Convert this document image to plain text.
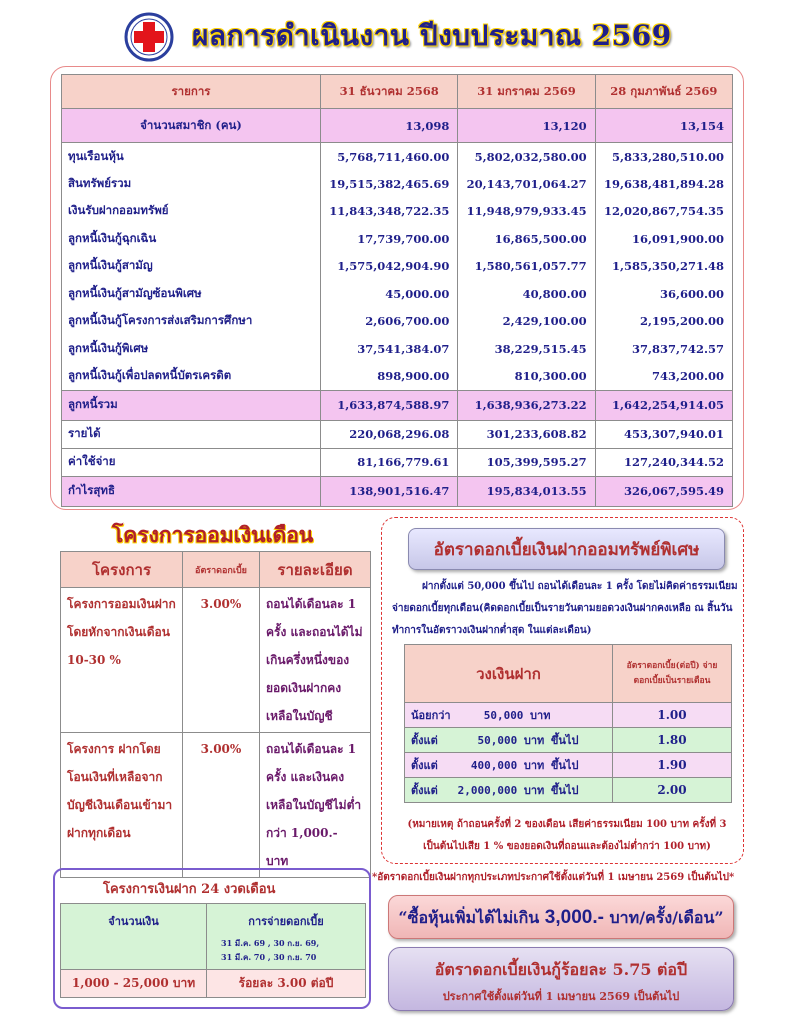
ผลการดำเนินงาน ปีงบประมาณ 2569
รายการ	31 ธันวาคม 2568	31 มกราคม 2569	28 กุมภาพันธ์ 2569
จำนวนสมาชิก (คน)	13,098	13,120	13,154
ทุนเรือนหุ้น	5,768,711,460.00	5,802,032,580.00	5,833,280,510.00
สินทรัพย์รวม	19,515,382,465.69	20,143,701,064.27	19,638,481,894.28
เงินรับฝากออมทรัพย์	11,843,348,722.35	11,948,979,933.45	12,020,867,754.35
ลูกหนี้เงินกู้ฉุกเฉิน	17,739,700.00	16,865,500.00	16,091,900.00
ลูกหนี้เงินกู้สามัญ	1,575,042,904.90	1,580,561,057.77	1,585,350,271.48
ลูกหนี้เงินกู้สามัญซ้อนพิเศษ	45,000.00	40,800.00	36,600.00
ลูกหนี้เงินกู้โครงการส่งเสริมการศึกษา	2,606,700.00	2,429,100.00	2,195,200.00
ลูกหนี้เงินกู้พิเศษ	37,541,384.07	38,229,515.45	37,837,742.57
ลูกหนี้เงินกู้เพื่อปลดหนี้บัตรเครดิต	898,900.00	810,300.00	743,200.00
ลูกหนี้รวม	1,633,874,588.97	1,638,936,273.22	1,642,254,914.05
รายได้	220,068,296.08	301,233,608.82	453,307,940.01
ค่าใช้จ่าย	81,166,779.61	105,399,595.27	127,240,344.52
กำไรสุทธิ	138,901,516.47	195,834,013.55	326,067,595.49
โครงการออมเงินเดือน
โครงการ	อัตราดอกเบี้ย	รายละเอียด
โครงการออมเงินฝากโดยหักจากเงินเดือน 10-30 %	3.00%	ถอนได้เดือนละ 1 ครั้ง และถอนได้ไม่เกินครึ่งหนึ่งของยอดเงินฝากคงเหลือในบัญชี
โครงการ ฝากโดยโอนเงินที่เหลือจากบัญชีเงินเดือนเข้ามาฝากทุกเดือน	3.00%	ถอนได้เดือนละ 1 ครั้ง และเงินคงเหลือในบัญชีไม่ต่ำกว่า 1,000.- บาท
อัตราดอกเบี้ยเงินฝากออมทรัพย์พิเศษ
ฝากตั้งแต่ 50,000 ขึ้นไป ถอนได้เดือนละ 1 ครั้ง โดยไม่คิดค่าธรรมเนียม จ่ายดอกเบี้ยทุกเดือน(คิดดอกเบี้ยเป็นรายวันตามยอดวงเงินฝากคงเหลือ ณ สิ้นวันทำการในอัตราวงเงินฝากต่ำสุด ในแต่ละเดือน)
วงเงินฝาก	อัตราดอกเบี้ย(ต่อปี) จ่ายดอกเบี้ยเป็นรายเดือน
น้อยกว่า     50,000 บาท	1.00
ตั้งแต่      50,000 บาท ขึ้นไป	1.80
ตั้งแต่     400,000 บาท ขึ้นไป	1.90
ตั้งแต่   2,000,000 บาท ขึ้นไป	2.00
(หมายเหตุ ถ้าถอนครั้งที่ 2 ของเดือน เสียค่าธรรมเนียม 100 บาท ครั้งที่ 3 เป็นต้นไปเสีย 1 % ของยอดเงินที่ถอนและต้องไม่ต่ำกว่า 100 บาท)
*อัตราดอกเบี้ยเงินฝากทุกประเภทประกาศใช้ตั้งแต่วันที่ 1 เมษายน 2569 เป็นต้นไป*
โครงการเงินฝาก 24 งวดเดือน
จำนวนเงิน	การจ่ายดอกเบี้ย
31 มี.ค. 69 , 30 ก.ย. 69,
31 มี.ค. 70 , 30 ก.ย. 70

1,000 - 25,000 บาท	ร้อยละ 3.00 ต่อปี
“ซื้อหุ้นเพิ่มได้ไม่เกิน 3,000.- บาท/ครั้ง/เดือน”
อัตราดอกเบี้ยเงินกู้ร้อยละ 5.75 ต่อปี
ประกาศใช้ตั้งแต่วันที่ 1 เมษายน 2569 เป็นต้นไป
